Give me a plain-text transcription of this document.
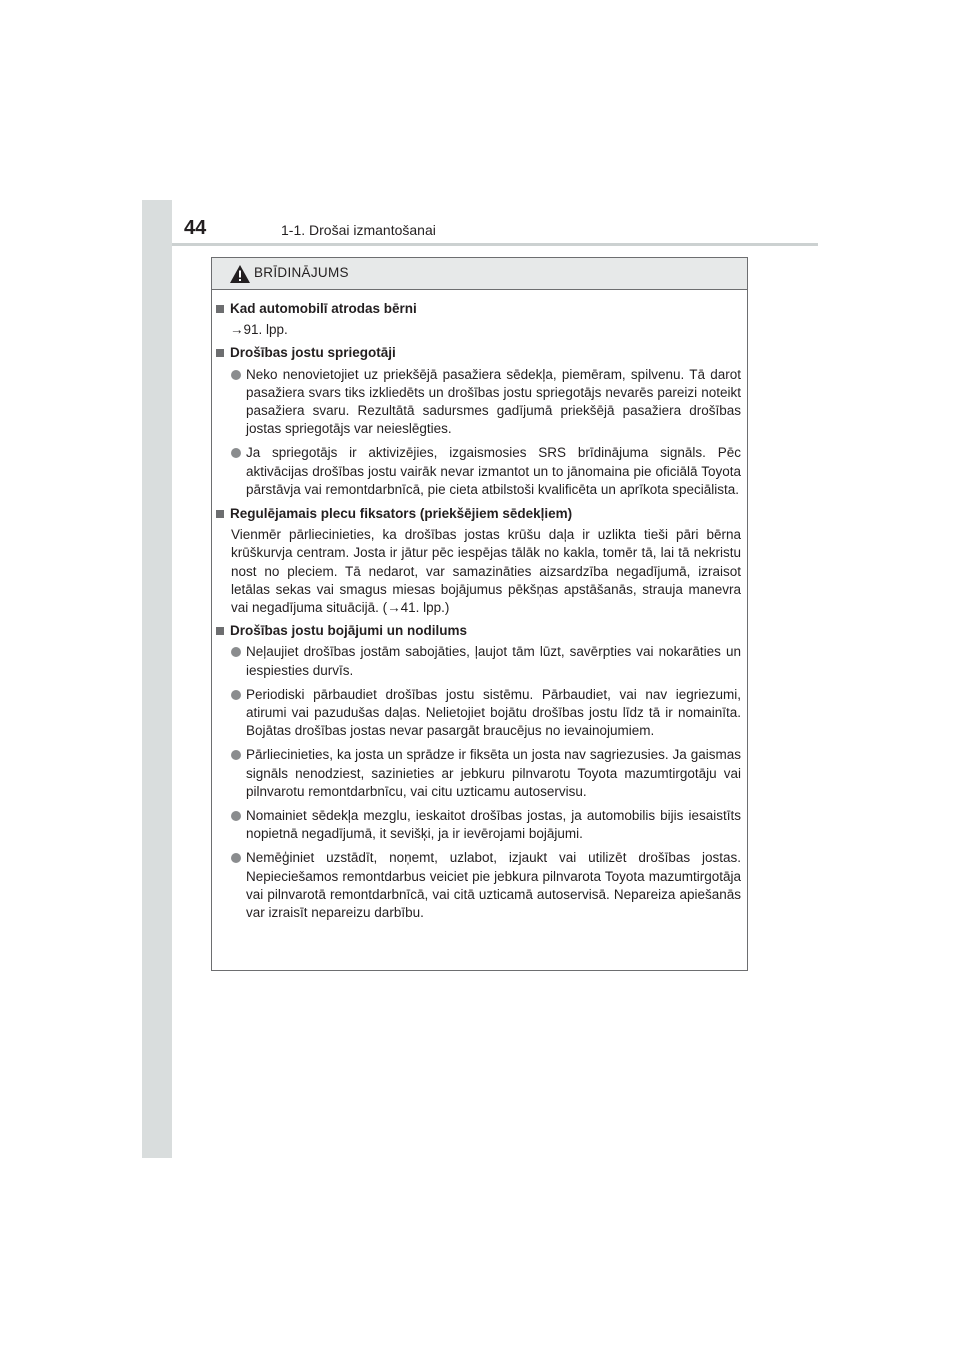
44	1-1. Drošai izmantošanai
BRĪDINĀJUMS
Kad automobilī atrodas bērni
→91. lpp.
Drošības jostu spriegotāji
Neko nenovietojiet uz priekšējā pasažiera sēdekļa, piemēram, spilvenu. Tā darot pasažiera svars tiks izkliedēts un drošības jostu spriegotājs nevarēs pareizi noteikt pasažiera svaru. Rezultātā sadursmes gadījumā priekšējā pasažiera drošības jostas spriegotājs var neieslēgties.
Ja spriegotājs ir aktivizējies, izgaismosies SRS brīdinājuma signāls. Pēc aktivācijas drošības jostu vairāk nevar izmantot un to jānomaina pie oficiālā Toyota pārstāvja vai remontdarbnīcā, pie cieta atbilstoši kvalificēta un aprīkota speciālista.
Regulējamais plecu fiksators (priekšējiem sēdekļiem)
Vienmēr pārliecinieties, ka drošības jostas krūšu daļa ir uzlikta tieši pāri bērna krūškurvja centram. Josta ir jātur pēc iespējas tālāk no kakla, tomēr tā, lai tā nekristu nost no pleciem. Tā nedarot, var samazināties aizsardzība negadījumā, izraisot letālas sekas vai smagus miesas bojājumus pēkšņas apstāšanās, strauja manevra vai negadījuma situācijā. (→41. lpp.)
Drošības jostu bojājumi un nodilums
Neļaujiet drošības jostām sabojāties, ļaujot tām lūzt, savērpties vai nokarāties un iespiesties durvīs.
Periodiski pārbaudiet drošības jostu sistēmu. Pārbaudiet, vai nav iegriezumi, atirumi vai pazudušas daļas. Nelietojiet bojātu drošības jostu līdz tā ir nomainīta. Bojātas drošības jostas nevar pasargāt braucējus no ievainojumiem.
Pārliecinieties, ka josta un sprādze ir fiksēta un josta nav sagriezusies. Ja gaismas signāls nenodziest, sazinieties ar jebkuru pilnvarotu Toyota mazumtirgotāju vai pilnvarotu remontdarbnīcu, vai citu uzticamu autoservisu.
Nomainiet sēdekļa mezglu, ieskaitot drošības jostas, ja automobilis bijis iesaistīts nopietnā negadījumā, it sevišķi, ja ir ievērojami bojājumi.
Nemēģiniet uzstādīt, noņemt, uzlabot, izjaukt vai utilizēt drošības jostas. Nepieciešamos remontdarbus veiciet pie jebkura pilnvarota Toyota mazumtirgotāja vai pilnvarotā remontdarbnīcā, vai citā uzticamā autoservisā. Nepareiza apiešanās var izraisīt nepareizu darbību.
